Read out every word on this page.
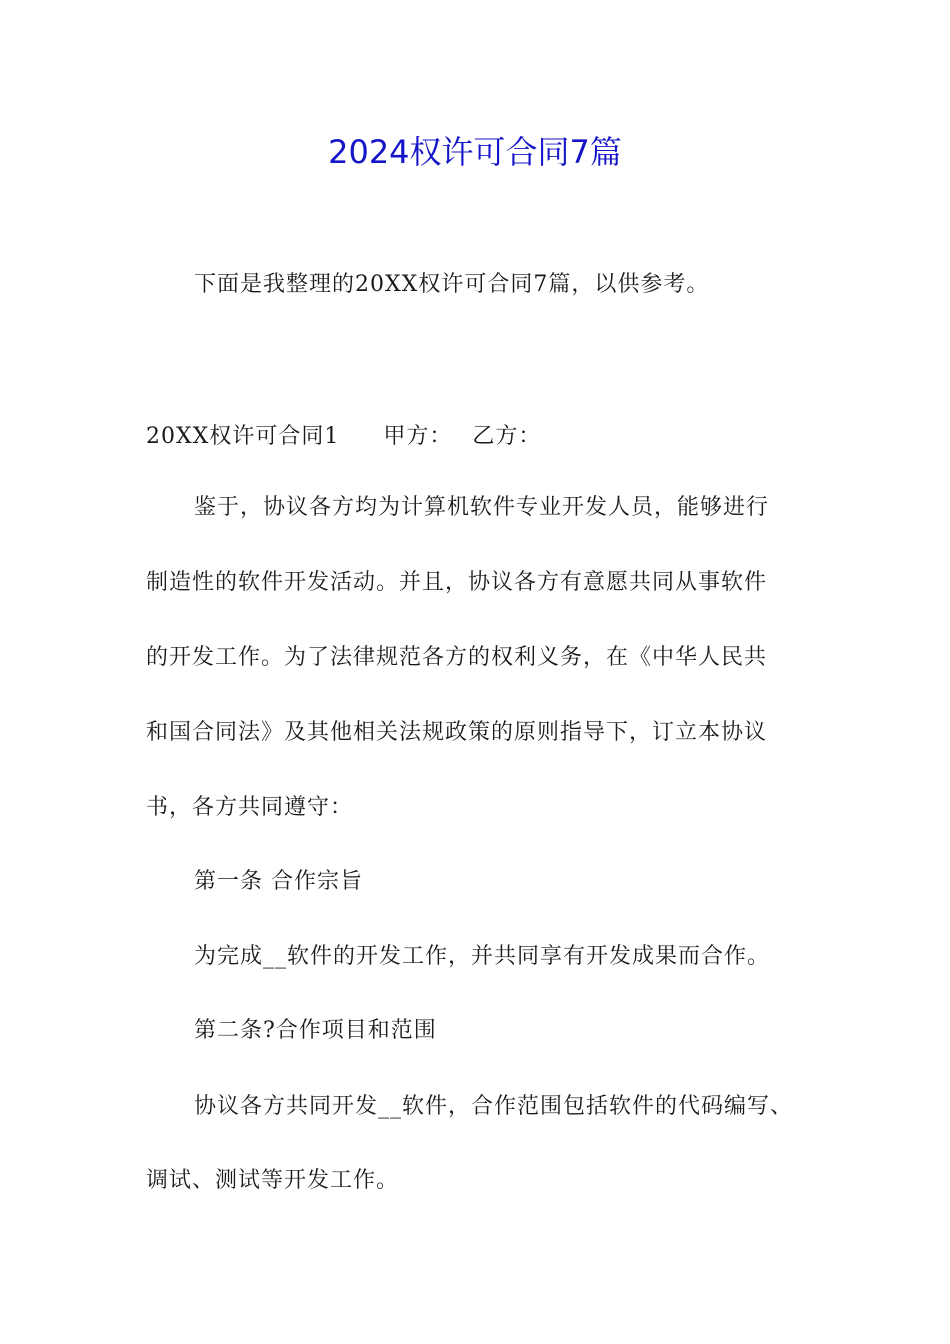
2024权许可合同7篇
下面是我整理的20XX权许可合同7篇，以供参考。
20XX权许可合同1 甲方： 乙方：
鉴于，协议各方均为计算机软件专业开发人员，能够进行
制造性的软件开发活动。并且，协议各方有意愿共同从事软件
的开发工作。为了法律规范各方的权利义务，在《中华人民共
和国合同法》及其他相关法规政策的原则指导下，订立本协议
书，各方共同遵守：
第一条 合作宗旨
为完成__软件的开发工作，并共同享有开发成果而合作。
第二条?合作项目和范围
协议各方共同开发__软件，合作范围包括软件的代码编写、
调试、测试等开发工作。
